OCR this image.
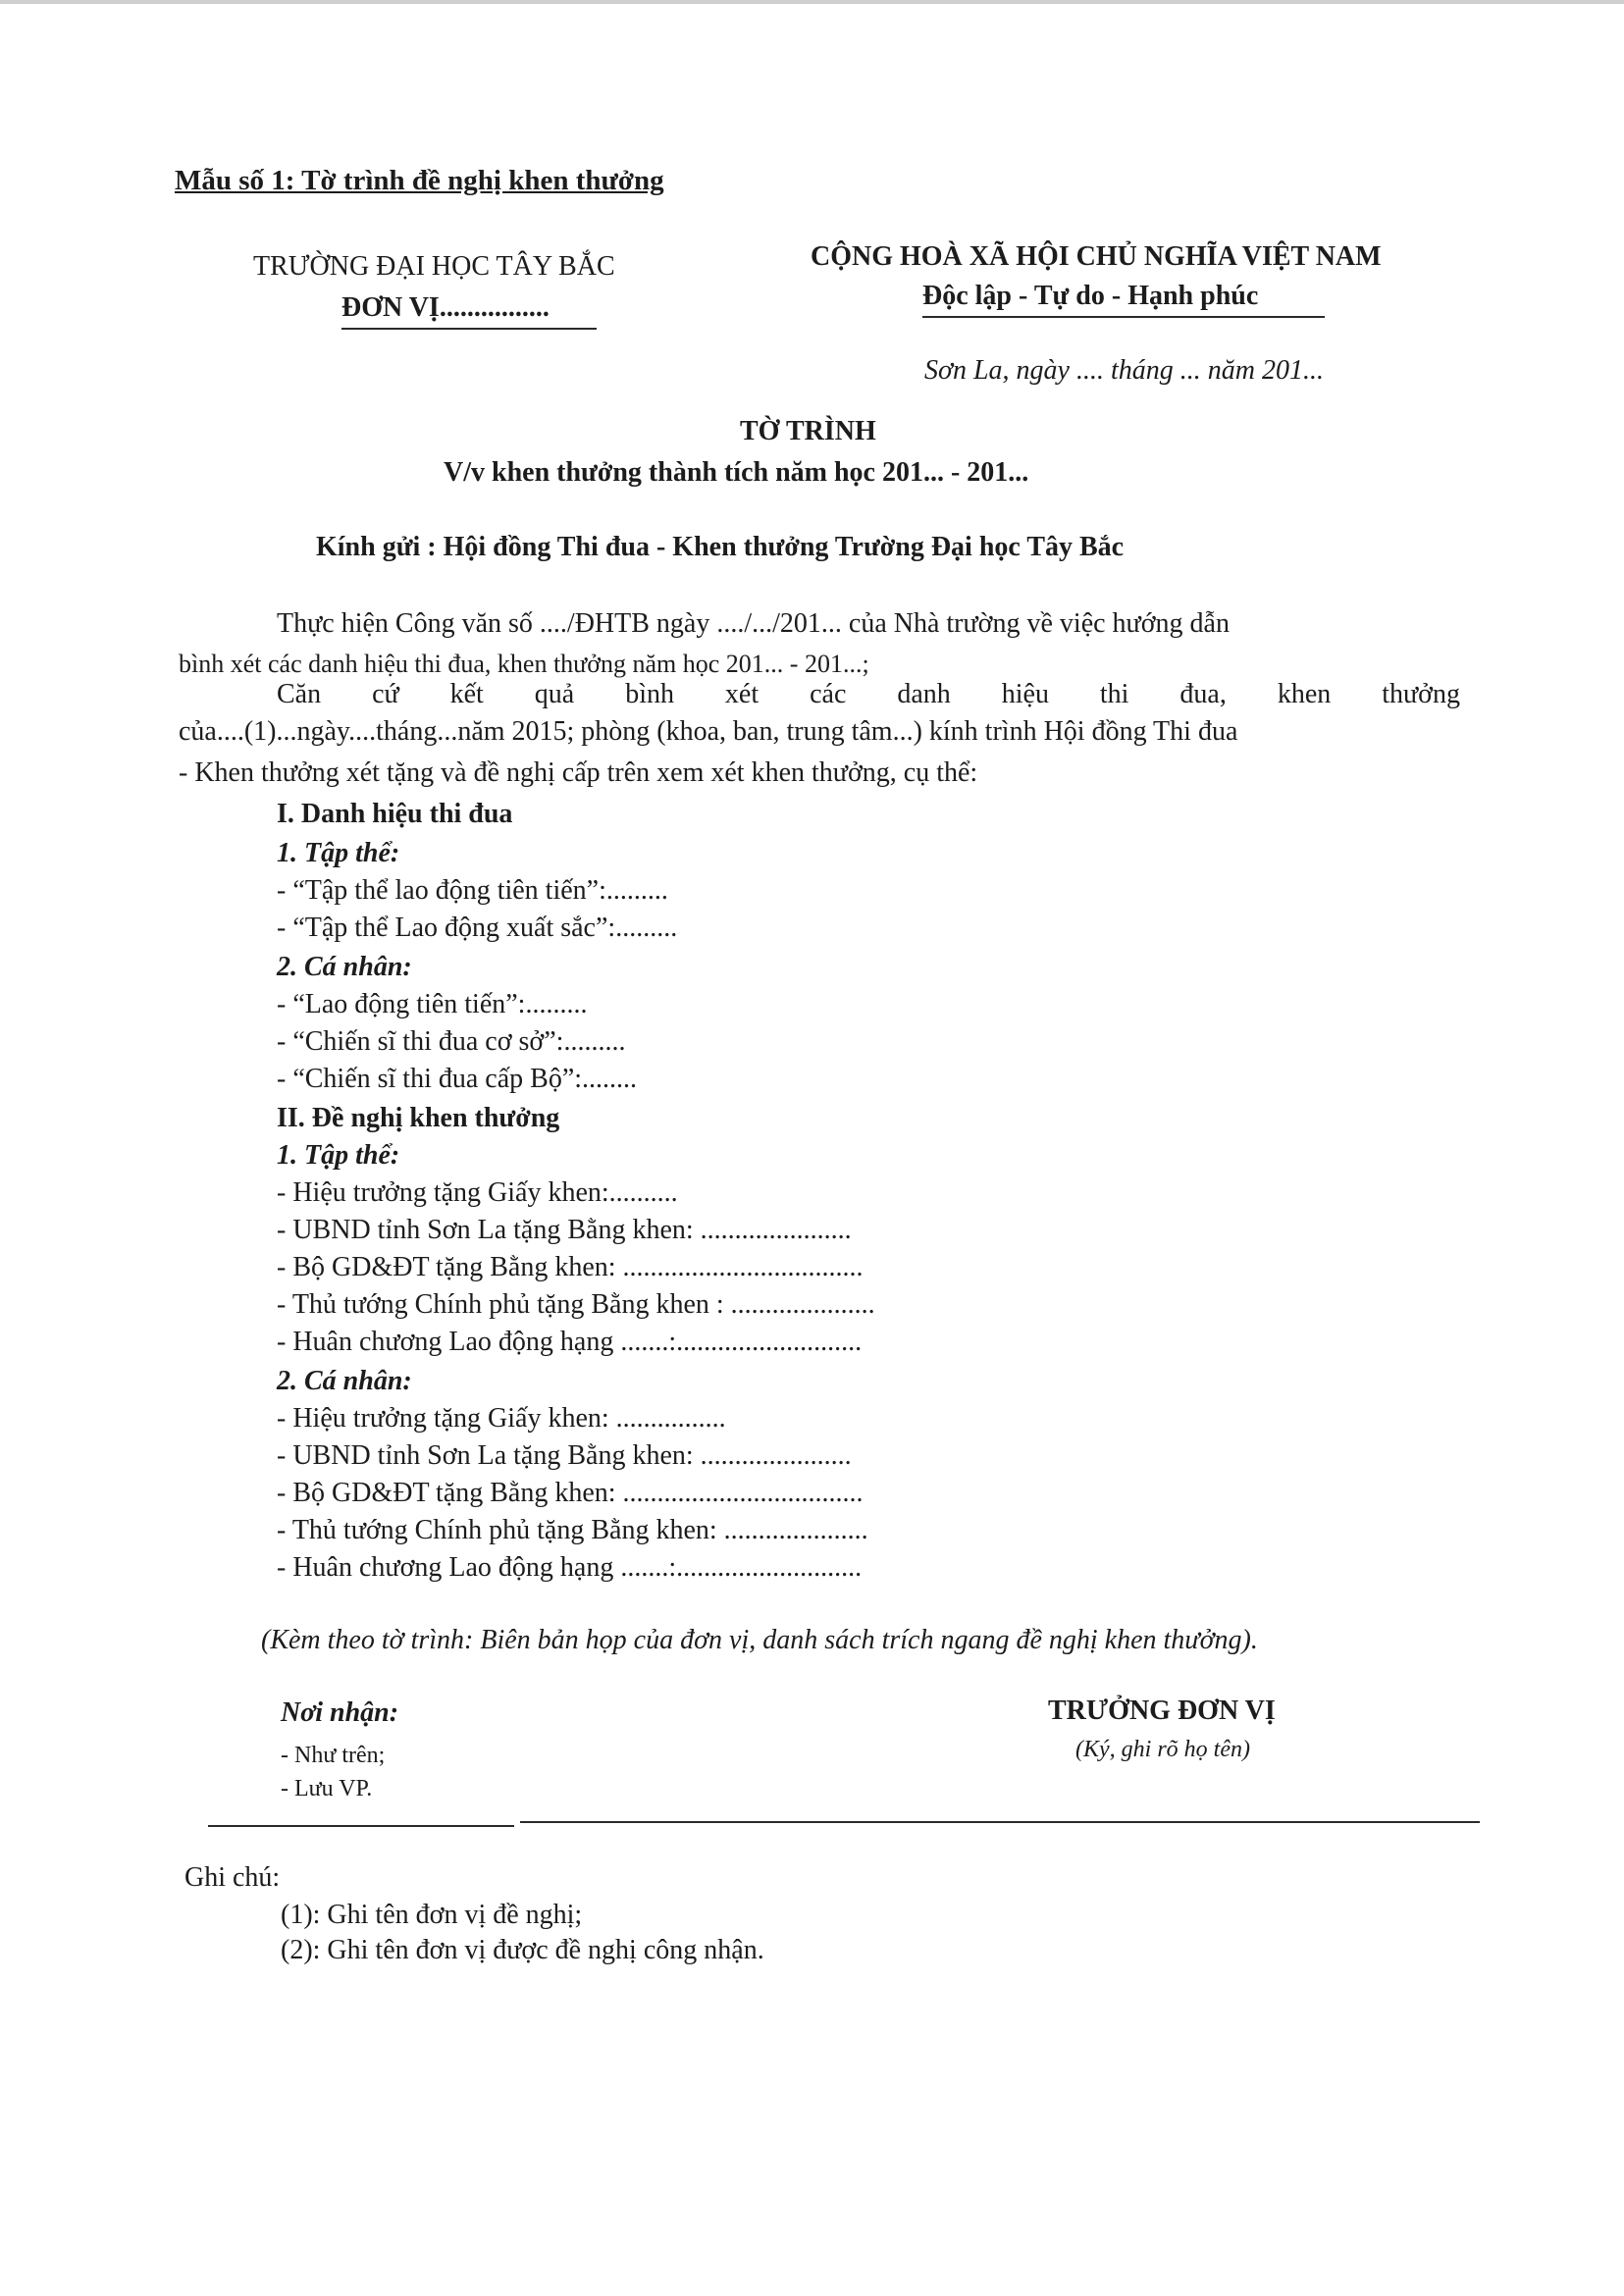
Mẫu số 1: Tờ trình đề nghị khen thưởng
TRƯỜNG ĐẠI HỌC TÂY BẮC
ĐƠN VỊ................
CỘNG HOÀ XÃ HỘI CHỦ NGHĨA VIỆT NAM
Độc lập - Tự do - Hạnh phúc
Sơn La, ngày .... tháng ... năm 201...
TỜ TRÌNH
V/v khen thưởng thành tích năm học 201... - 201...
Kính gửi : Hội đồng Thi đua - Khen thưởng Trường Đại học Tây Bắc
Thực hiện Công văn số ..../ĐHTB ngày ..../.../201... của Nhà trường về việc hướng dẫn
bình xét các danh hiệu thi đua, khen thưởng năm học 201... - 201...;
Căn cứ kết quả bình xét các danh hiệu thi đua, khen thưởng
của....(1)...ngày....tháng...năm 2015; phòng (khoa, ban, trung tâm...) kính trình Hội đồng Thi đua
- Khen thưởng xét tặng và đề nghị cấp trên xem xét khen thưởng, cụ thể:
I. Danh hiệu thi đua
1. Tập thể:
- “Tập thể lao động tiên tiến”:.........
- “Tập thể Lao động xuất sắc”:.........
2. Cá nhân:
- “Lao động tiên tiến”:.........
- “Chiến sĩ thi đua cơ sở”:.........
- “Chiến sĩ thi đua cấp Bộ”:........
II. Đề nghị khen thưởng
1. Tập thể:
- Hiệu trưởng tặng Giấy khen:..........
- UBND tỉnh Sơn La tặng Bằng khen: ......................
- Bộ GD&ĐT tặng Bằng khen: ...................................
- Thủ tướng Chính phủ tặng Bằng khen : .....................
- Huân chương Lao động hạng .......:...........................
2. Cá nhân:
- Hiệu trưởng tặng Giấy khen: ................
- UBND tỉnh Sơn La tặng Bằng khen: ......................
- Bộ GD&ĐT tặng Bằng khen: ...................................
- Thủ tướng Chính phủ tặng Bằng khen: .....................
- Huân chương Lao động hạng .......:...........................
(Kèm theo tờ trình: Biên bản họp của đơn vị, danh sách trích ngang đề nghị khen thưởng).
Nơi nhận:
- Như trên;
- Lưu VP.
TRƯỞNG ĐƠN VỊ
(Ký, ghi rõ họ tên)
Ghi chú:
(1): Ghi tên đơn vị đề nghị;
(2): Ghi tên đơn vị được đề nghị công nhận.
